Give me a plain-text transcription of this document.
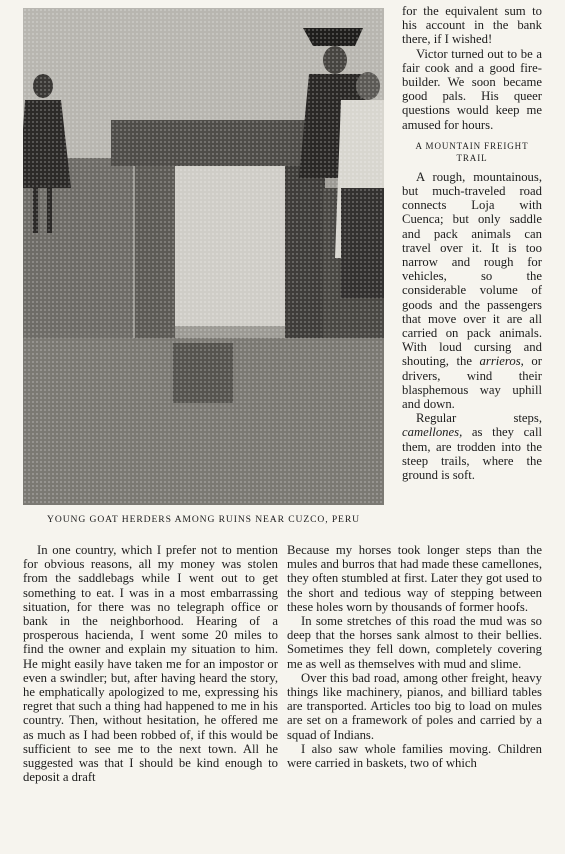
YOUNG GOAT HERDERS AMONG RUINS NEAR CUZCO, PERU

for the equivalent sum to his account in the bank there, if I wished!

Victor turned out to be a fair cook and a good fire-builder. We soon became good pals. His queer questions would keep me amused for hours.

A MOUNTAIN FREIGHT TRAIL

A rough, mountainous, but much-traveled road connects Loja with Cuenca; but only saddle and pack animals can travel over it. It is too narrow and rough for vehicles, so the considerable volume of goods and the passengers that move over it are all carried on pack animals. With loud cursing and shouting, the arrieros, or drivers, wind their blasphemous way uphill and down.

Regular steps, camellones, as they call them, are trodden into the steep trails, where the ground is soft.

In one country, which I prefer not to mention for obvious reasons, all my money was stolen from the saddlebags while I went out to get something to eat. I was in a most embarrassing situation, for there was no telegraph office or bank in the neighborhood. Hearing of a prosperous hacienda, I went some 20 miles to find the owner and explain my situation to him. He might easily have taken me for an impostor or even a swindler; but, after having heard the story, he emphatically apologized to me, expressing his regret that such a thing had happened to me in his country. Then, without hesitation, he offered me as much as I had been robbed of, if this would be sufficient to see me to the next town. All he suggested was that I should be kind enough to deposit a draft

Because my horses took longer steps than the mules and burros that had made these camellones, they often stumbled at first. Later they got used to the short and tedious way of stepping between these holes worn by thousands of former hoofs.

In some stretches of this road the mud was so deep that the horses sank almost to their bellies. Sometimes they fell down, completely covering me as well as themselves with mud and slime.

Over this bad road, among other freight, heavy things like machinery, pianos, and billiard tables are transported. Articles too big to load on mules are set on a framework of poles and carried by a squad of Indians.

I also saw whole families moving. Children were carried in baskets, two of which
